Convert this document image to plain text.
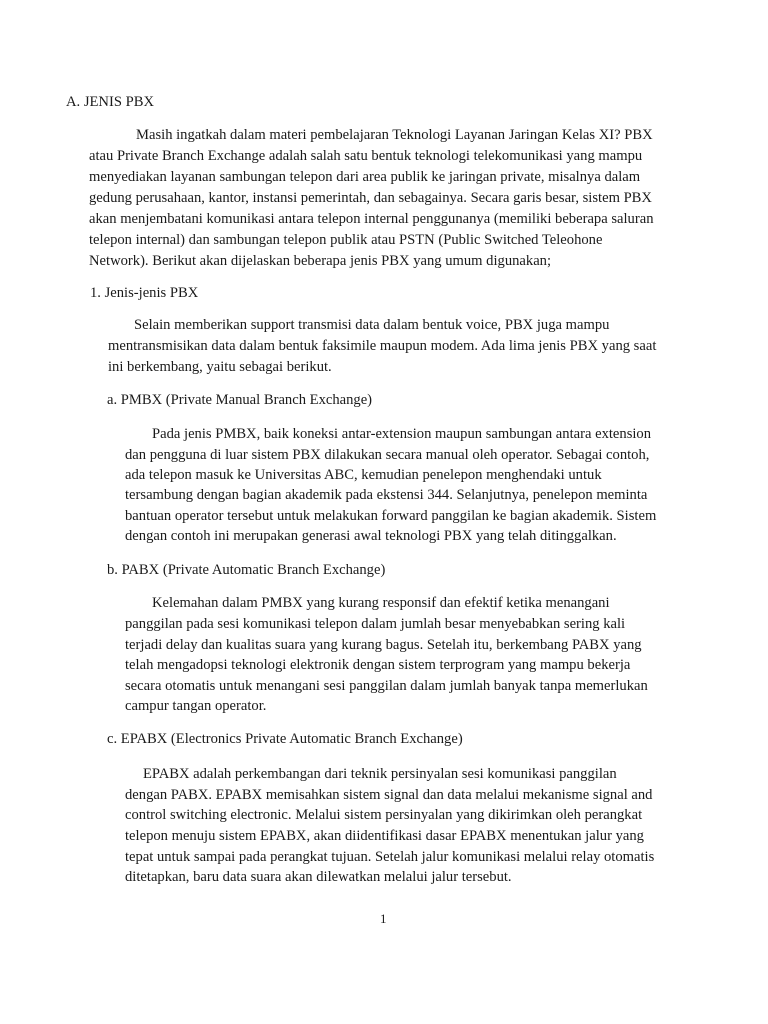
A. JENIS PBX
Masih ingatkah dalam materi pembelajaran Teknologi Layanan Jaringan Kelas XI? PBX
atau Private Branch Exchange adalah salah satu bentuk teknologi telekomunikasi yang mampu
menyediakan layanan sambungan telepon dari area publik ke jaringan private, misalnya dalam
gedung perusahaan, kantor, instansi pemerintah, dan sebagainya. Secara garis besar, sistem PBX
akan menjembatani komunikasi antara telepon internal penggunanya (memiliki beberapa saluran
telepon internal) dan sambungan telepon publik atau PSTN (Public Switched Teleohone
Network). Berikut akan dijelaskan beberapa jenis PBX yang umum digunakan;
1. Jenis-jenis PBX
Selain memberikan support transmisi data dalam bentuk voice, PBX juga mampu
mentransmisikan data dalam bentuk faksimile maupun modem. Ada lima jenis PBX yang saat
ini berkembang, yaitu sebagai berikut.
a. PMBX (Private Manual Branch Exchange)
Pada jenis PMBX, baik koneksi antar-extension maupun sambungan antara extension
dan pengguna di luar sistem PBX dilakukan secara manual oleh operator. Sebagai contoh,
ada telepon masuk ke Universitas ABC, kemudian penelepon menghendaki untuk
tersambung dengan bagian akademik pada ekstensi 344. Selanjutnya, penelepon meminta
bantuan operator tersebut untuk melakukan forward panggilan ke bagian akademik. Sistem
dengan contoh ini merupakan generasi awal teknologi PBX yang telah ditinggalkan.
b. PABX (Private Automatic Branch Exchange)
Kelemahan dalam PMBX yang kurang responsif dan efektif ketika menangani
panggilan pada sesi komunikasi telepon dalam jumlah besar menyebabkan sering kali
terjadi delay dan kualitas suara yang kurang bagus. Setelah itu, berkembang PABX yang
telah mengadopsi teknologi elektronik dengan sistem terprogram yang mampu bekerja
secara otomatis untuk menangani sesi panggilan dalam jumlah banyak tanpa memerlukan
campur tangan operator.
c. EPABX (Electronics Private Automatic Branch Exchange)
EPABX adalah perkembangan dari teknik persinyalan sesi komunikasi panggilan
dengan PABX. EPABX memisahkan sistem signal dan data melalui mekanisme signal and
control switching electronic. Melalui sistem persinyalan yang dikirimkan oleh perangkat
telepon menuju sistem EPABX, akan diidentifikasi dasar EPABX menentukan jalur yang
tepat untuk sampai pada perangkat tujuan. Setelah jalur komunikasi melalui relay otomatis
ditetapkan, baru data suara akan dilewatkan melalui jalur tersebut.
1
